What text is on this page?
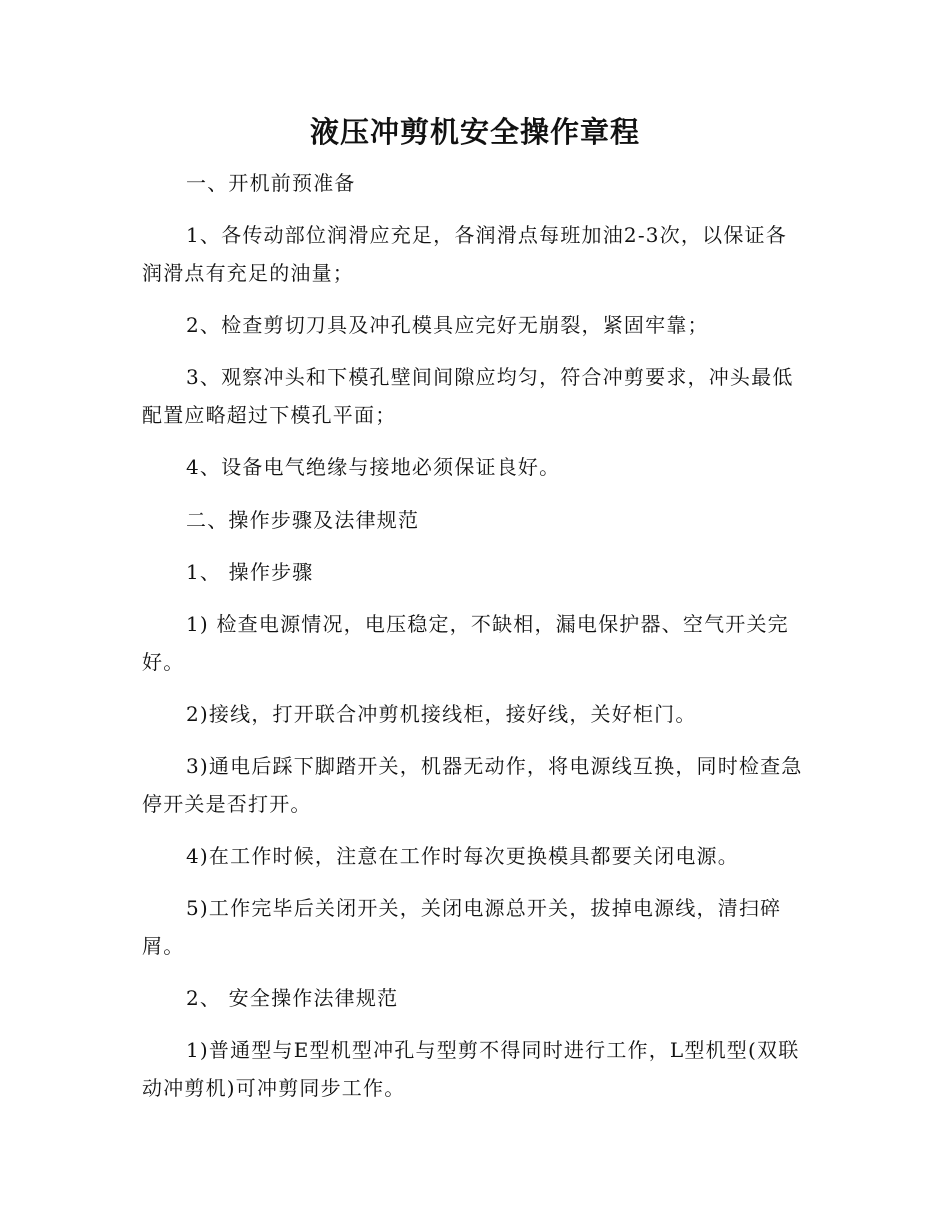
液压冲剪机安全操作章程

一、开机前预准备

1、各传动部位润滑应充足，各润滑点每班加油2-3次，以保证各润滑点有充足的油量；

2、检查剪切刀具及冲孔模具应完好无崩裂，紧固牢靠；

3、观察冲头和下模孔壁间间隙应均匀，符合冲剪要求，冲头最低配置应略超过下模孔平面；

4、设备电气绝缘与接地必须保证良好。

二、操作步骤及法律规范

1、 操作步骤

1) 检查电源情况，电压稳定，不缺相，漏电保护器、空气开关完好。

2)接线，打开联合冲剪机接线柜，接好线，关好柜门。

3)通电后踩下脚踏开关，机器无动作，将电源线互换，同时检查急停开关是否打开。

4)在工作时候，注意在工作时每次更换模具都要关闭电源。

5)工作完毕后关闭开关，关闭电源总开关，拔掉电源线，清扫碎屑。

2、 安全操作法律规范

1)普通型与E型机型冲孔与型剪不得同时进行工作，L型机型(双联动冲剪机)可冲剪同步工作。
